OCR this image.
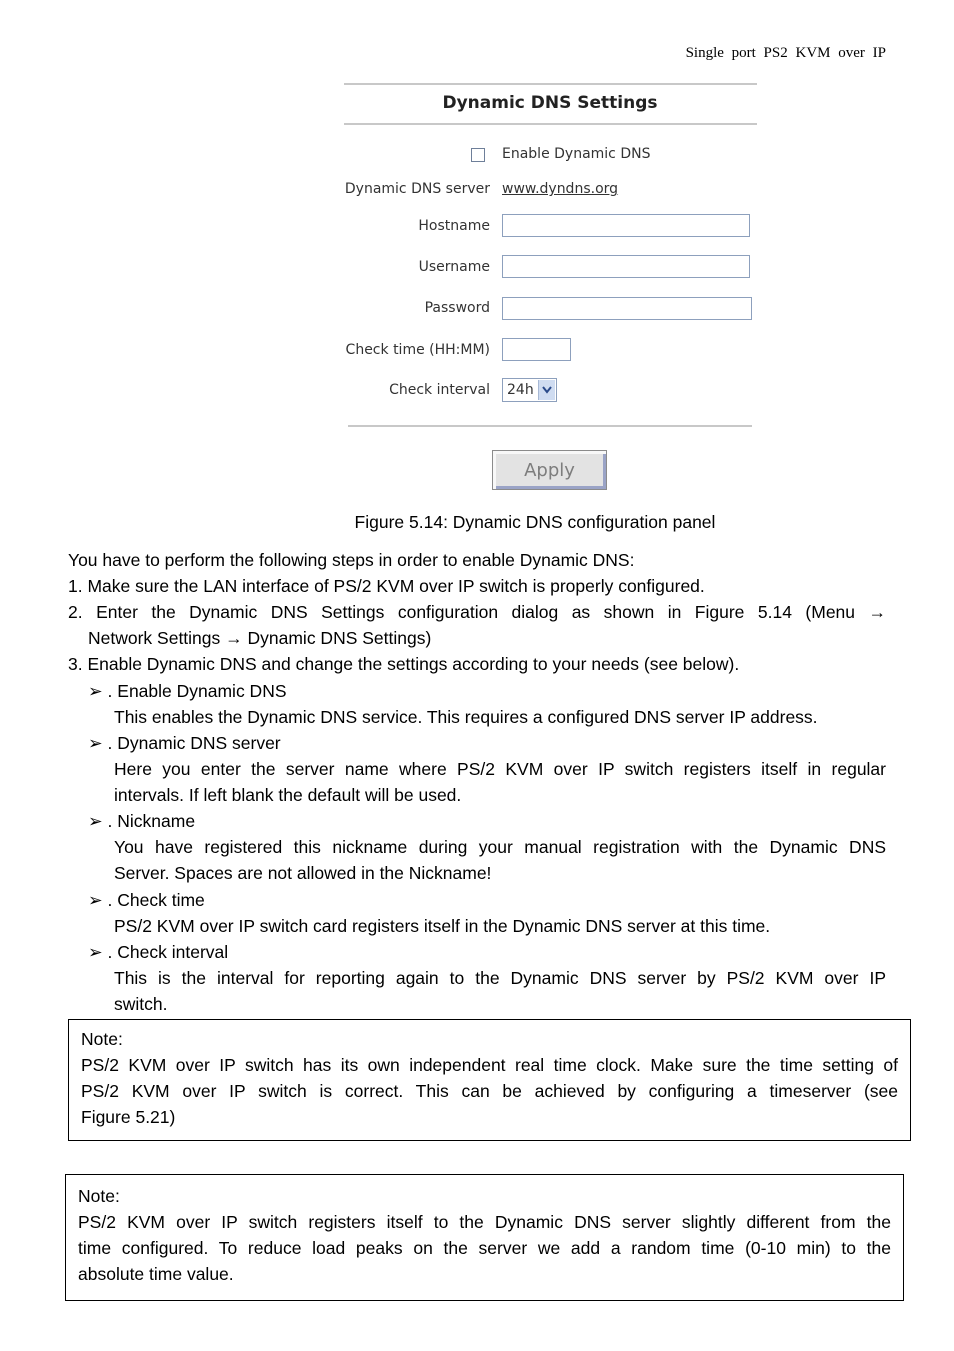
Single port PS2 KVM over IP
Dynamic DNS Settings
Enable Dynamic DNS
Dynamic DNS server www.dyndns.org
Hostname
Username
Password
Check time (HH:MM)
Check interval 24h
Apply
Figure 5.14: Dynamic DNS configuration panel
You have to perform the following steps in order to enable Dynamic DNS:
1. Make sure the LAN interface of PS/2 KVM over IP switch is properly configured.
2. Enter the Dynamic DNS Settings configuration dialog as shown in Figure 5.14 (Menu →
Network Settings → Dynamic DNS Settings)
3. Enable Dynamic DNS and change the settings according to your needs (see below).
➢ . Enable Dynamic DNS
This enables the Dynamic DNS service. This requires a configured DNS server IP address.
➢ . Dynamic DNS server
Here you enter the server name where PS/2 KVM over IP switch registers itself in regular
intervals. If left blank the default will be used.
➢ . Nickname
You have registered this nickname during your manual registration with the Dynamic DNS
Server. Spaces are not allowed in the Nickname!
➢ . Check time
PS/2 KVM over IP switch card registers itself in the Dynamic DNS server at this time.
➢ . Check interval
This is the interval for reporting again to the Dynamic DNS server by PS/2 KVM over IP
switch.
Note:
PS/2 KVM over IP switch has its own independent real time clock. Make sure the time setting of
PS/2 KVM over IP switch is correct. This can be achieved by configuring a timeserver (see
Figure 5.21)
Note:
PS/2 KVM over IP switch registers itself to the Dynamic DNS server slightly different from the
time configured. To reduce load peaks on the server we add a random time (0-10 min) to the
absolute time value.
